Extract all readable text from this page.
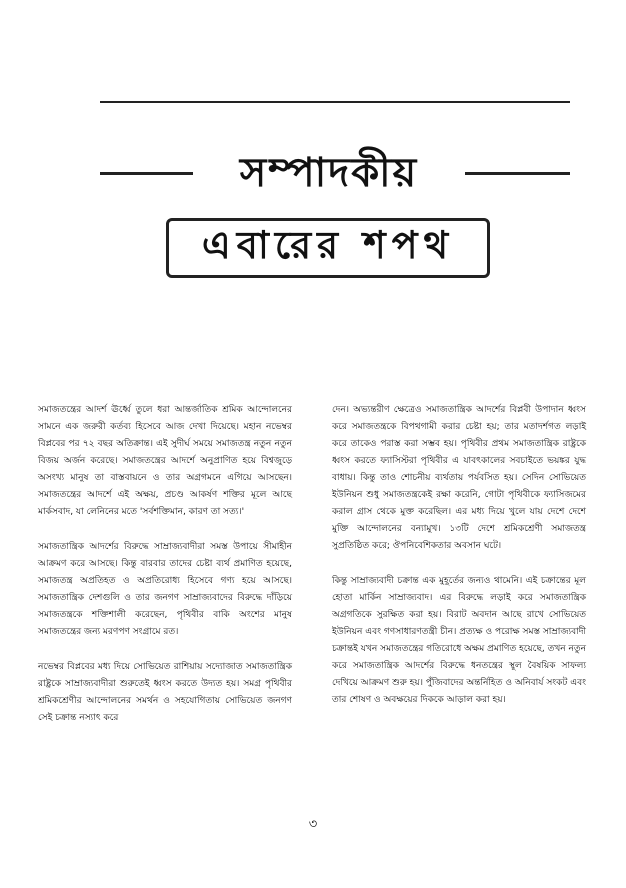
সম্পাদকীয়
এবারের শপথ

সমাজতন্ত্রের আদর্শ ঊর্ধ্বে তুলে ধরা আন্তর্জাতিক শ্রমিক আন্দোলনের সামনে এক জরুরী কর্তব্য হিসেবে আজ দেখা দিয়েছে। মহান নভেম্বর বিপ্লবের পর ৭২ বছর অতিক্রান্ত। এই সুদীর্ঘ সময়ে সমাজতন্ত্র নতুন নতুন বিজয় অর্জন করেছে। সমাজতন্ত্রের আদর্শে অনুপ্রাণিত হয়ে বিশ্বজুড়ে অসংখ্য মানুষ তা বাস্তবায়নে ও তার অগ্রগমনে এগিয়ে আসছেন। সমাজতন্ত্রের আদর্শে এই অক্ষয়, প্রচণ্ড আকর্ষণ শক্তির মূলে আছে মার্কসবাদ, যা লেনিনের মতে 'সর্বশক্তিমান, কারণ তা সত্য।'

সমাজতান্ত্রিক আদর্শের বিরুদ্ধে সাম্রাজ্যবাদীরা সমস্ত উপায়ে সীমাহীন আক্রমণ করে আসছে। কিন্তু বারবার তাদের চেষ্টা ব্যর্থ প্রমাণিত হয়েছে, সমাজতন্ত্র অপ্রতিহত ও অপ্রতিরোধ্য হিসেবে গণ্য হয়ে আসছে। সমাজতান্ত্রিক দেশগুলি ও তার জনগণ সাম্রাজ্যবাদের বিরুদ্ধে দাঁড়িয়ে সমাজতন্ত্রকে শক্তিশালী করেছেন, পৃথিবীর বাকি অংশের মানুষ সমাজতন্ত্রের জন্য মরণপণ সংগ্রামে রত।

নভেম্বর বিপ্লবের মধ্য দিয়ে সোভিয়েত রাশিয়ায় সদ্যোজাত সমাজতান্ত্রিক রাষ্ট্রকে সাম্রাজ্যবাদীরা শুরুতেই ধ্বংস করতে উদ্যত হয়। সমগ্র পৃথিবীর শ্রমিকশ্রেণীর আন্দোলনের সমর্থন ও সহযোগিতায় সোভিয়েত জনগণ সেই চক্রান্ত নস্যাৎ করে

দেন। অভ্যন্তরীণ ক্ষেত্রেও সমাজতান্ত্রিক আদর্শের বিপ্লবী উপাদান ধ্বংস করে সমাজতন্ত্রকে বিপথগামী করার চেষ্টা হয়; তার মতাদর্শগত লড়াই করে তাকেও পরাস্ত করা সম্ভব হয়। পৃথিবীর প্রথম সমাজতান্ত্রিক রাষ্ট্রকে ধ্বংস করতে ফ্যাসিস্টরা পৃথিবীর এ যাবৎকালের সবচাইতে ভয়ঙ্কর যুদ্ধ বাধায়। কিন্তু তাও শোচনীয় ব্যর্থতায় পর্যবসিত হয়। সেদিন সোভিয়েত ইউনিয়ন শুধু সমাজতন্ত্রকেই রক্ষা করেনি, গোটা পৃথিবীকে ফ্যাসিজমের করাল গ্রাস থেকে মুক্ত করেছিল। এর মধ্য দিয়ে খুলে যায় দেশে দেশে মুক্তি আন্দোলনের বন্যামুখ। ১৩টি দেশে শ্রমিকশ্রেণী সমাজতন্ত্র সুপ্রতিষ্ঠিত করে; ঔপনিবেশিকতার অবসান ঘটে।

কিন্তু সাম্রাজ্যবাদী চক্রান্ত এক মুহূর্তের জন্যও থামেনি। এই চক্রান্তের মূল হোতা মার্কিন সাম্রাজ্যবাদ। এর বিরুদ্ধে লড়াই করে সমাজতান্ত্রিক অগ্রগতিকে সুরক্ষিত করা হয়। বিরাট অবদান আছে রাখে সোভিয়েত ইউনিয়ন এবং গণসাধারণতন্ত্রী চীন। প্রত্যক্ষ ও পরোক্ষ সমস্ত সাম্রাজ্যবাদী চক্রান্তই যখন সমাজতন্ত্রের গতিরোধে অক্ষম প্রমাণিত হয়েছে, তখন নতুন করে সমাজতান্ত্রিক আদর্শের বিরুদ্ধে ধনতন্ত্রের স্থূল বৈষয়িক সাফল্য দেখিয়ে আক্রমণ শুরু হয়। পুঁজিবাদের অন্তর্নিহিত ও অনিবার্য সংকট এবং তার শোষণ ও অবক্ষয়ের দিককে আড়াল করা হয়।

৩
